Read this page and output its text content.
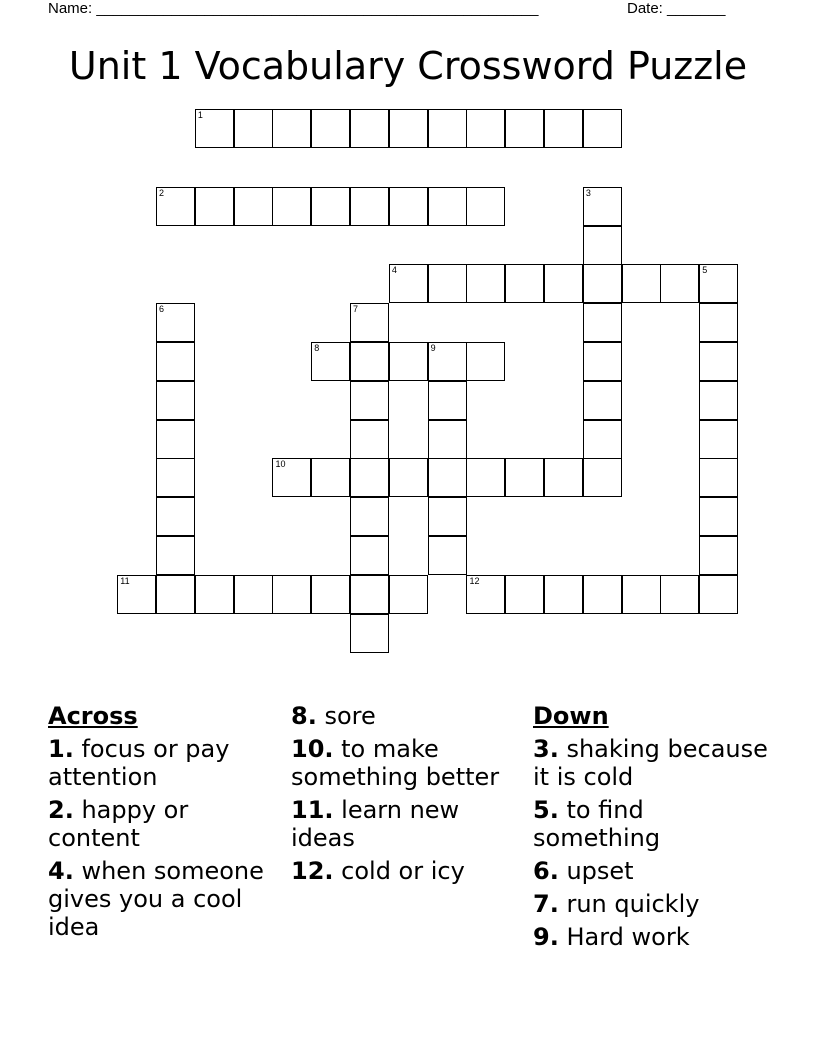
Name: _____________________________________________________	Date: _______
Unit 1 Vocabulary Crossword Puzzle
1
2	3
4	5
6	7
8	9
10
11	12
Across
1. focus or pay attention
2. happy or content
4. when someone gives you a cool idea
8. sore
10. to make something better
11. learn new ideas
12. cold or icy
Down
3. shaking because it is cold
5. to find something
6. upset
7. run quickly
9. Hard work
